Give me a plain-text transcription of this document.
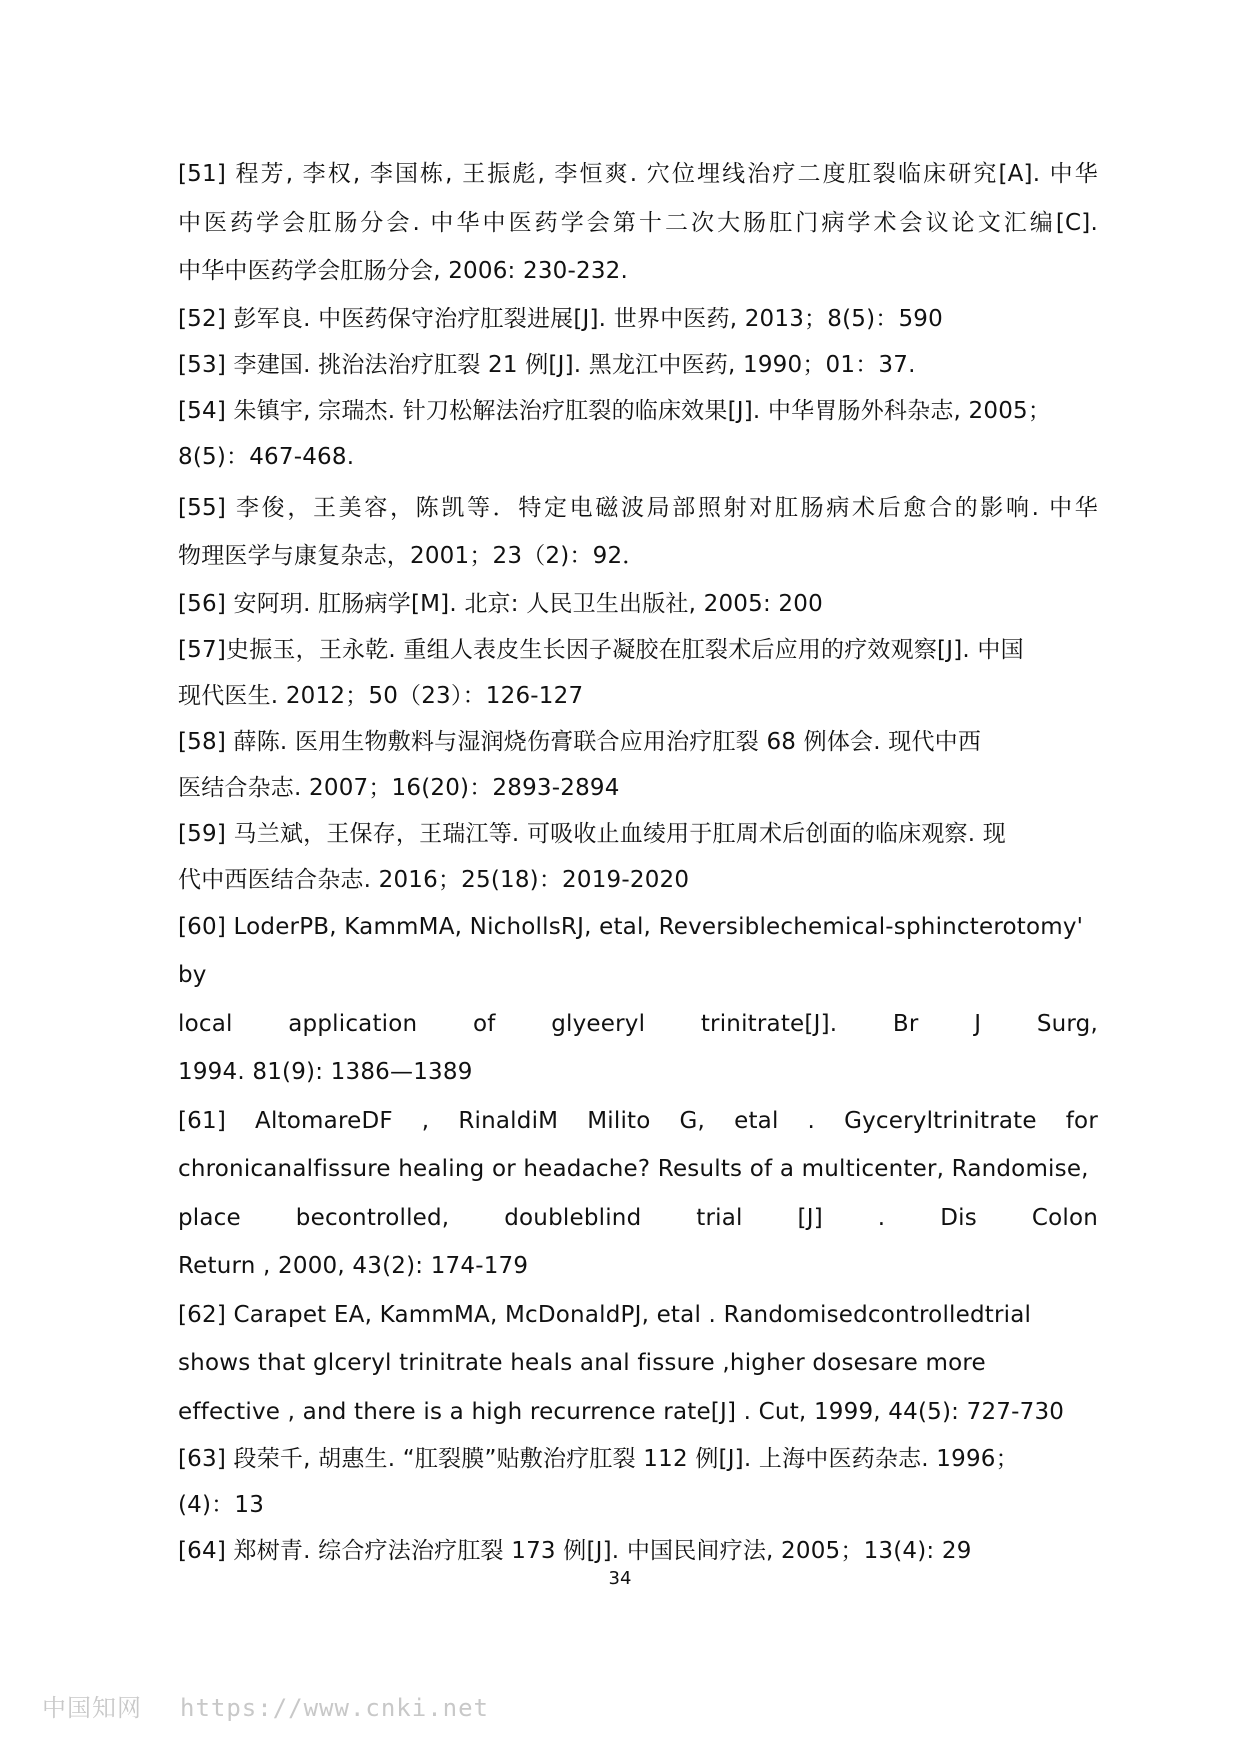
[51] 程芳, 李权, 李国栋, 王振彪, 李恒爽. 穴位埋线治疗二度肛裂临床研究[A]. 中华
中医药学会肛肠分会. 中华中医药学会第十二次大肠肛门病学术会议论文汇编[C].
中华中医药学会肛肠分会, 2006: 230-232.

[52] 彭军良. 中医药保守治疗肛裂进展[J]. 世界中医药, 2013；8(5)：590

[53] 李建国. 挑治法治疗肛裂 21 例[J]. 黑龙江中医药, 1990；01：37.

[54] 朱镇宇, 宗瑞杰. 针刀松解法治疗肛裂的临床效果[J]. 中华胃肠外科杂志, 2005；
8(5)：467-468.

[55] 李俊，王美容，陈凯等．特定电磁波局部照射对肛肠病术后愈合的影响. 中华
物理医学与康复杂志，2001；23（2)：92．

[56] 安阿玥. 肛肠病学[M]. 北京: 人民卫生出版社, 2005: 200

[57]史振玉，王永乾. 重组人表皮生长因子凝胶在肛裂术后应用的疗效观察[J]. 中国
现代医生. 2012；50（23）：126-127

[58] 薛陈. 医用生物敷料与湿润烧伤膏联合应用治疗肛裂 68 例体会. 现代中西
医结合杂志. 2007；16(20)：2893-2894

[59] 马兰斌，王保存，王瑞江等. 可吸收止血绫用于肛周术后创面的临床观察. 现
代中西医结合杂志. 2016；25(18)：2019-2020

[60] LoderPB, KammMA, NichollsRJ, etal, Reversiblechemical-sphincterotomy' by
local application of glyeeryl trinitrate[J]. Br J Surg,
1994. 81(9): 1386—1389

[61] AltomareDF , RinaldiM Milito G, etal . Gyceryltrinitrate for
chronicanalfissure healing or headache? Results of a multicenter, Randomise,
place becontrolled, doubleblind trial [J] . Dis Colon
Return , 2000, 43(2): 174-179

[62] Carapet EA, KammMA, McDonaldPJ, etal . Randomisedcontrolledtrial
shows that glceryl trinitrate heals anal fissure ,higher dosesare more
effective , and there is a high recurrence rate[J] . Cut, 1999, 44(5): 727-730

[63] 段荣千, 胡惠生. “肛裂膜”贴敷治疗肛裂 112 例[J]. 上海中医药杂志. 1996；
(4)：13

[64] 郑树青. 综合疗法治疗肛裂 173 例[J]. 中国民间疗法, 2005；13(4): 29

34
中国知网 https://www.cnki.net
